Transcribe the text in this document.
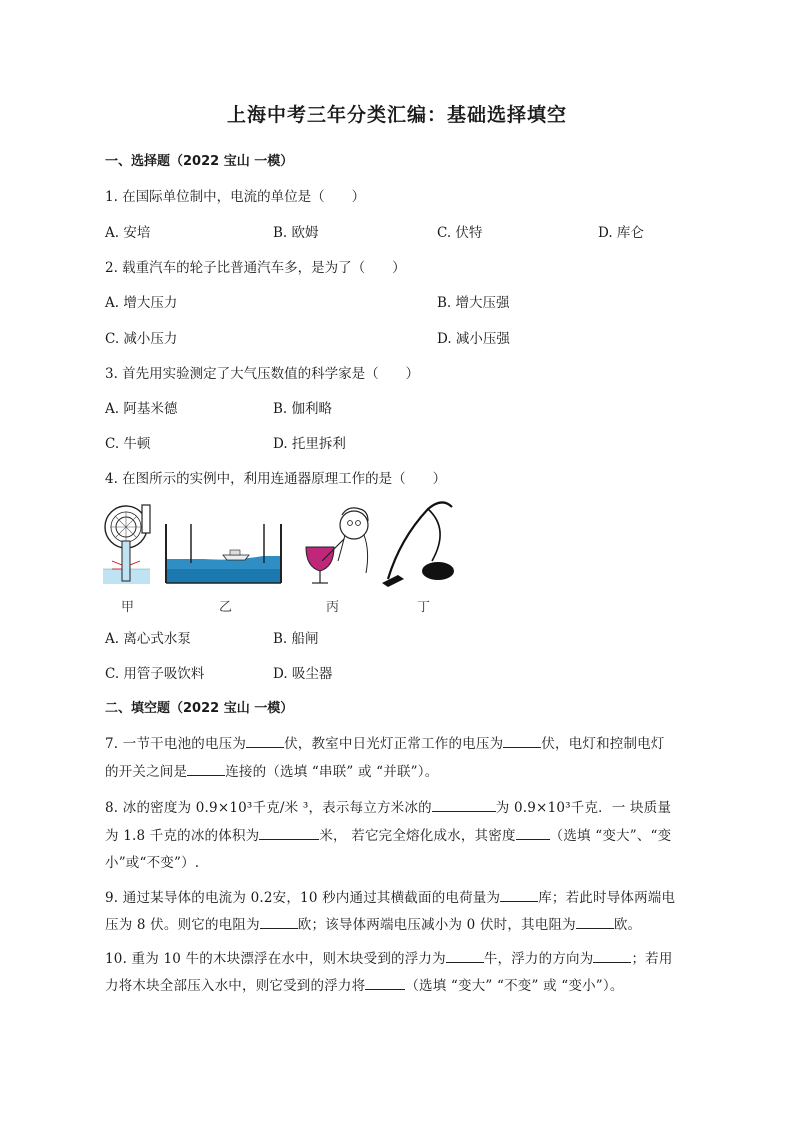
上海中考三年分类汇编：基础选择填空
一、选择题（2022 宝山 一模）
1. 在国际单位制中，电流的单位是（　　）
A. 安培	B. 欧姆	C. 伏特	D. 库仑
2. 载重汽车的轮子比普通汽车多，是为了（　　）
A. 增大压力	B. 增大压强
C. 减小压力	D. 减小压强
3. 首先用实验测定了大气压数值的科学家是（　　）
A. 阿基米德	B. 伽利略
C. 牛顿	D. 托里拆利
4. 在图所示的实例中，利用连通器原理工作的是（　　）
甲	乙	丙	丁
A. 离心式水泵	B. 船闸
C. 用管子吸饮料	D. 吸尘器
二、填空题（2022 宝山 一模）
7. 一节干电池的电压为	伏，教室中日光灯正常工作的电压为	伏，电灯和控制电灯
的开关之间是	连接的（选填 “串联” 或 “并联”）。
8. 冰的密度为 0.9×10³千克/米 ³，表示每立方米冰的	为 0.9×10³千克．一 块质量
为 1.8 千克的冰的体积为	米， 若它完全熔化成水，其密度	（选填 “变大”、“变
小”或“不变”）.
9. 通过某导体的电流为 0.2安，10 秒内通过其横截面的电荷量为	库；若此时导体两端电
压为 8 伏。则它的电阻为	欧；该导体两端电压减小为 0 伏时，其电阻为	欧。
10. 重为 10 牛的木块漂浮在水中，则木块受到的浮力为	牛，浮力的方向为	；若用
力将木块全部压入水中，则它受到的浮力将	（选填 “变大” “不变” 或 “变小”）。
